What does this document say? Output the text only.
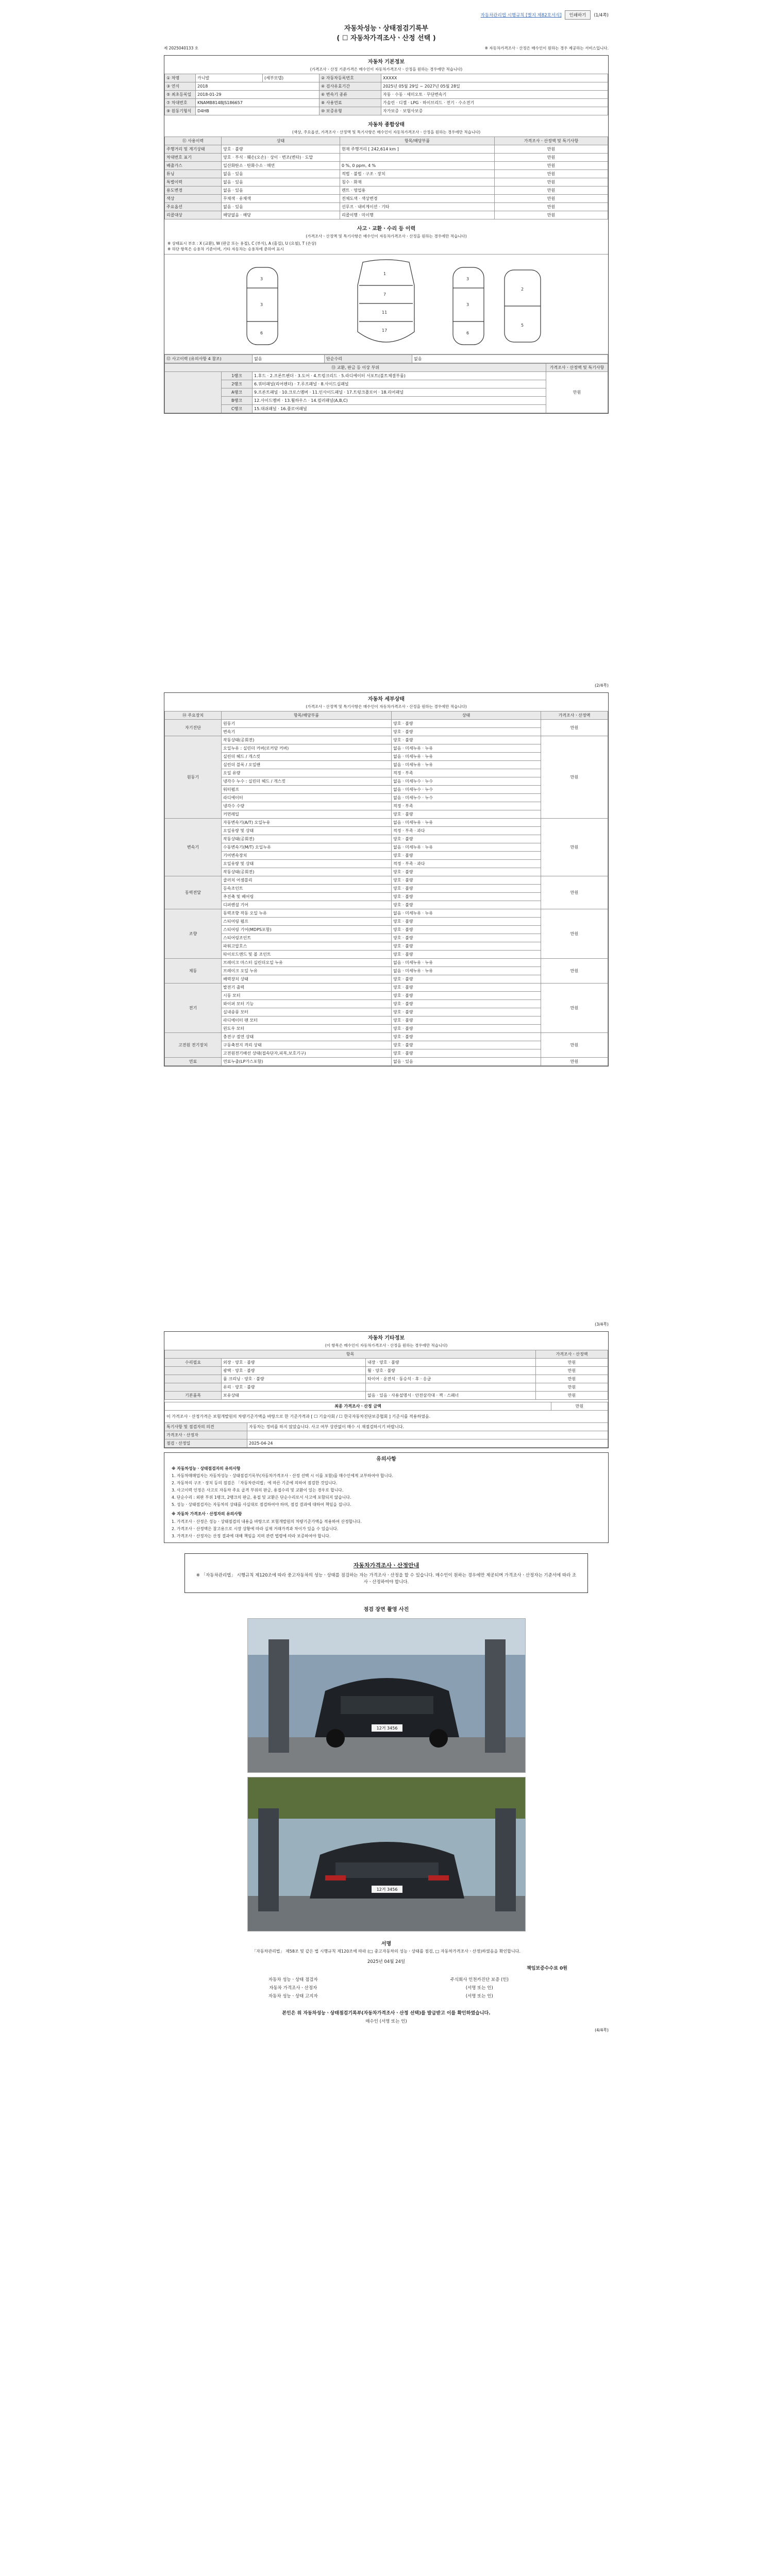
자동차관리법 시행규칙 [별지 제82호서식]	인쇄하기	(1/4쪽)
자동차성능ㆍ상태점검기록부
( ☐ 자동차가격조사ㆍ산정 선택 )
제 2025040133 호	※ 자동차가격조사ㆍ산정은 매수인이 원하는 경우 제공하는 서비스입니다.
자동차 기본정보
(가격조사ㆍ산정 기준가격은 매수인이 자동차가격조사ㆍ산정을 원하는 경우에만 적습니다)
① 차명	카니발	(세부모델)	② 자동차등록번호	XXXXX
③ 연식	2018		④ 검사유효기간	2025년 05월 29일 ~ 2027년 05월 28일
⑤ 최초등록일	2018-01-29		⑥ 변속기 종류	자동 · 수동 · 세미오토 · 무단변속기
⑦ 차대번호	KNAMB814BJS186657		⑧ 사용연료	가솔린 · 디젤 · LPG · 하이브리드 · 전기 · 수소전기
⑨ 원동기형식	D4HB		⑩ 보증유형	자가보증 · 보험사보증
자동차 종합상태
(색상, 주요옵션, 가격조사ㆍ산정액 및 특기사항은 매수인이 자동차가격조사ㆍ산정을 원하는 경우에만 적습니다)
⑪ 사용이력	상태	항목/해당부품	가격조사ㆍ산정액 및 특기사항
주행거리 및 계기상태	양호 · 불량	현재 주행거리 [ 242,614 km ]	만원
차대번호 표기	양호 · 부식 · 훼손(오손) · 상이 · 변조(변타) · 도말		만원
배출가스	일산화탄소 · 탄화수소 · 매연	0 %, 0 ppm, 4 %	만원
튜닝	없음 · 있음	적법 · 불법 · 구조 · 장치	만원
특별이력	없음 · 있음	침수 · 화재	만원
용도변경	없음 · 있음	렌트 · 영업용	만원
색상	무채색 · 유채색	전체도색 · 색상변경	만원
주요옵션	없음 · 있음	선루프 · 내비게이션 · 기타	만원
리콜대상	해당없음 · 해당	리콜이행 · 미이행	만원
사고ㆍ교환ㆍ수리 등 이력
(가격조사ㆍ산정액 및 특기사항은 매수인이 자동차가격조사ㆍ산정을 원하는 경우에만 적습니다)
※ 상태표시 부호 : X (교환), W (판금 또는 용접), C (부식), A (흠집), U (요철), T (손상)
※ 하단 항목은 승용차 기준이며, 기타 자동차는 승용차에 준하여 표시
3
3
6
1
7
11
17
3
3
6
2
5
⑫ 사고이력 (유의사항 4 참조)	없음	단순수리	없음
⑬ 교환, 판금 등 이상 부위			가격조사ㆍ산정액 및 특기사항
	1랭크	1.후드 · 2.프론트펜더 · 3.도어 · 4.트렁크리드 · 5.라디에이터 서포트(볼트체결부품)	만원
	2랭크	6.쿼터패널(리어펜더) · 7.루프패널 · 8.사이드실패널	
	A랭크	9.프론트패널 · 10.크로스멤버 · 11.인사이드패널 · 17.트렁크플로어 · 18.리어패널	
	B랭크	12.사이드멤버 · 13.휠하우스 · 14.필러패널(A,B,C)	
	C랭크	15.대쉬패널 · 16.플로어패널	
(2/4쪽)
자동차 세부상태
(가격조사ㆍ산정액 및 특기사항은 매수인이 자동차가격조사ㆍ산정을 원하는 경우에만 적습니다)
⑭ 주요장치	항목/해당부품	상태	가격조사ㆍ산정액
자기진단	원동기	양호 · 불량	만원
	변속기	양호 · 불량	
원동기	작동상태(공회전)	양호 · 불량	만원
	오일누유 : 실린더 커버(로커암 커버)	없음 · 미세누유 · 누유	
	실린더 헤드 / 개스킷	없음 · 미세누유 · 누유	
	실린더 블록 / 오일팬	없음 · 미세누유 · 누유	
	오일 유량	적정 · 부족	
	냉각수 누수 : 실린더 헤드 / 개스킷	없음 · 미세누수 · 누수	
	워터펌프	없음 · 미세누수 · 누수	
	라디에이터	없음 · 미세누수 · 누수	
	냉각수 수량	적정 · 부족	
	커먼레일	양호 · 불량	
변속기	자동변속기(A/T) 오일누유	없음 · 미세누유 · 누유	만원
	오일유량 및 상태	적정 · 부족 · 과다	
	작동상태(공회전)	양호 · 불량	
	수동변속기(M/T) 오일누유	없음 · 미세누유 · 누유	
	기어변속장치	양호 · 불량	
	오일유량 및 상태	적정 · 부족 · 과다	
	작동상태(공회전)	양호 · 불량	
동력전달	클러치 어셈블리	양호 · 불량	만원
	등속조인트	양호 · 불량	
	추진축 및 베어링	양호 · 불량	
	디퍼렌셜 기어	양호 · 불량	
조향	동력조향 작동 오일 누유	없음 · 미세누유 · 누유	만원
	스티어링 펌프	양호 · 불량	
	스티어링 기어(MDPS포함)	양호 · 불량	
	스티어링조인트	양호 · 불량	
	파워고압호스	양호 · 불량	
	타이로드엔드 및 볼 조인트	양호 · 불량	
제동	브레이크 마스터 실린더오일 누유	없음 · 미세누유 · 누유	만원
	브레이크 오일 누유	없음 · 미세누유 · 누유	
	배력장치 상태	양호 · 불량	
전기	발전기 출력	양호 · 불량	만원
	시동 모터	양호 · 불량	
	와이퍼 모터 기능	양호 · 불량	
	실내송풍 모터	양호 · 불량	
	라디에이터 팬 모터	양호 · 불량	
	윈도우 모터	양호 · 불량	
고전원 전기장치	충전구 절연 상태	양호 · 불량	만원
	구동축전지 격리 상태	양호 · 불량	
	고전원전기배선 상태(접속단자,피복,보호기구)	양호 · 불량	
연료	연료누출(LP가스포함)	없음 · 있음	만원
(3/4쪽)
자동차 기타정보
(이 항목은 매수인이 자동차가격조사ㆍ산정을 원하는 경우에만 적습니다)
항목			가격조사ㆍ산정액
수리필요	외장 · 양호 · 불량	내장 · 양호 · 불량	만원
	광택 · 양호 · 불량	휠 · 양호 · 불량	만원
	룸 크리닝 · 양호 · 불량	타이어 · 운전석 · 동승석 · 후 · 응급	만원
	유리 · 양호 · 불량		만원
기본품목	보유상태	없음 · 있음 · 사용설명서 · 안전삼각대 · 잭 · 스패너	만원
최종 가격조사ㆍ산정 금액		만원
이 가격조사ㆍ산정가격은 보험개발원의 차량기준가액을 바탕으로 한 기준가격과 [ ☐ 기술사회 / ☐ 한국자동차진단보증협회 ] 기준서를 적용하였음.		
특기사항 및 점검자의 의견	자동차는 정비를 하지 않았습니다. 사고 여부 상관없이 매수 시 재점검하시기 바랍니다.	
가격조사ㆍ산정자		
점검ㆍ산정일	2025-04-24	
유의사항

※ 자동차성능ㆍ상태점검자의 유의사항

1. 자동차매매업자는 자동차성능ㆍ상태점검기록부(자동차가격조사ㆍ산정 선택 시 이를 포함)를 매수인에게 교부하여야 합니다.

2. 자동차의 구조ㆍ장치 등의 점검은 「자동차관리법」에 따른 기준에 의하여 점검한 것입니다.

3. 사고이력 인정은 사고로 자동차 주요 골격 부위의 판금, 용접수리 및 교환이 있는 경우로 합니다.

4. 단순수리 : 외판 부위 1랭크, 2랭크의 판금, 용접 및 교환은 단순수리로서 사고에 포함되지 않습니다.

5. 성능ㆍ상태점검자는 자동차의 상태를 사실대로 점검하여야 하며, 점검 결과에 대하여 책임을 집니다.

※ 자동차 가격조사ㆍ산정자의 유의사항

1. 가격조사ㆍ산정은 성능ㆍ상태점검의 내용을 바탕으로 보험개발원의 차량기준가액을 적용하여 산정합니다.

2. 가격조사ㆍ산정액은 참고용으로 시장 상황에 따라 실제 거래가격과 차이가 있을 수 있습니다.

3. 가격조사ㆍ산정자는 산정 결과에 대해 책임을 지며 관련 법령에 따라 보증하여야 합니다.

자동차가격조사ㆍ산정안내
※ 「자동차관리법」 시행규칙 제120조에 따라 중고자동차의 성능ㆍ상태를 점검하는 자는 가격조사ㆍ산정을 할 수 있습니다. 매수인이 원하는 경우에만 제공되며 가격조사ㆍ산정자는 기준서에 따라 조사ㆍ산정하여야 합니다.
점검 장면 촬영 사진
12거 3456
12거 3456
서명
「자동차관리법」 제58조 및 같은 법 시행규칙 제120조에 따라 (□ 중고자동차의 성능ㆍ상태를 점검, □ 자동차가격조사ㆍ산정)하였음을 확인합니다.
2025년 04월 24일
책임보증수수료 0원
자동차 성능ㆍ상태 점검자	주식회사 인천카진단 보증 (인)
자동차 가격조사ㆍ산정자	(서명 또는 인)
자동차 성능ㆍ상태 고지자	(서명 또는 인)
본인은 위 자동차성능ㆍ상태점검기록부(자동차가격조사ㆍ산정 선택)를 발급받고 이를 확인하였습니다.
매수인 (서명 또는 인)
(4/4쪽)
